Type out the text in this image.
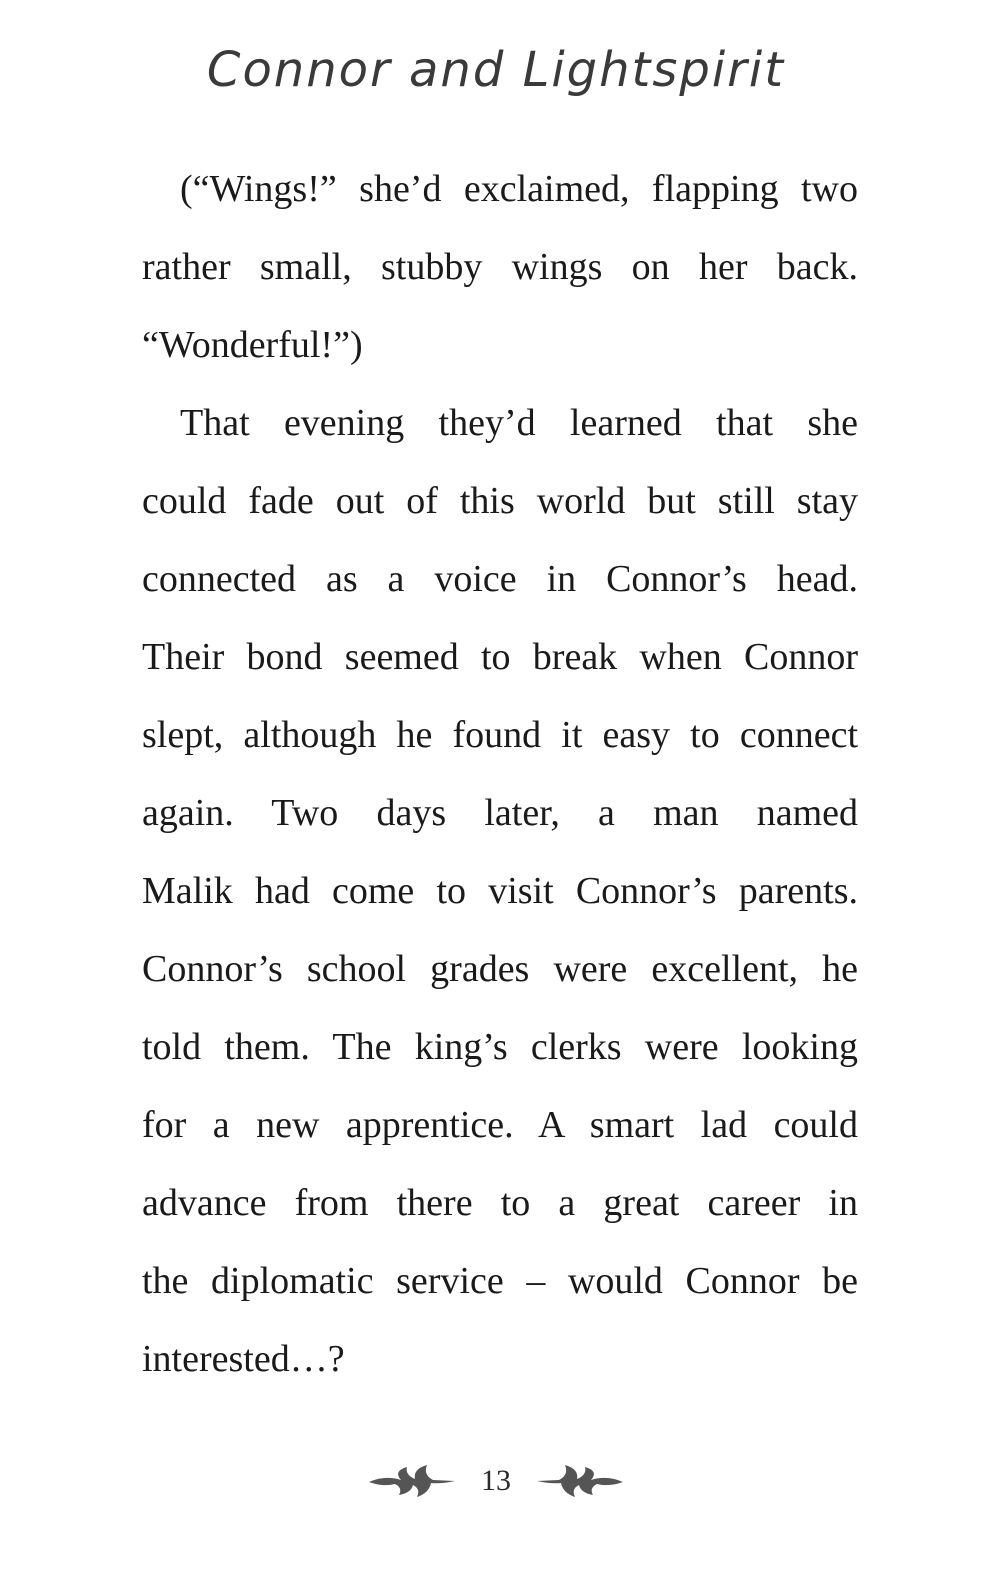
Connor and Lightspirit
(“Wings!” she’d exclaimed, flapping two
rather small, stubby wings on her back.
“Wonderful!”)
That evening they’d learned that she
could fade out of this world but still stay
connected as a voice in Connor’s head.
Their bond seemed to break when Connor
slept, although he found it easy to connect
again. Two days later, a man named
Malik had come to visit Connor’s parents.
Connor’s school grades were excellent, he
told them. The king’s clerks were looking
for a new apprentice. A smart lad could
advance from there to a great career in
the diplomatic service – would Connor be
interested…?
13
